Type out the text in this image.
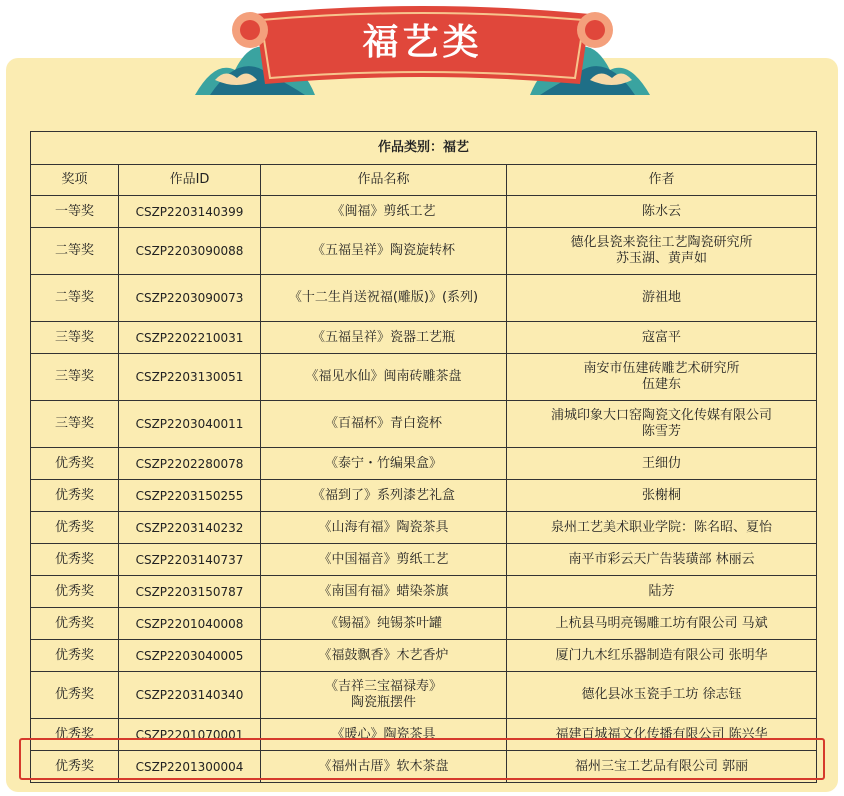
福艺类
作品类别：福艺			
奖项	作品ID	作品名称	作者
一等奖	CSZP2203140399	《闽福》剪纸工艺	陈水云
二等奖	CSZP2203090088	《五福呈祥》陶瓷旋转杯	德化县瓷来瓷往工艺陶瓷研究所
苏玉湖、黄声如
二等奖	CSZP2203090073	《十二生肖送祝福(雕版)》(系列)	游祖地
三等奖	CSZP2202210031	《五福呈祥》瓷器工艺瓶	寇富平
三等奖	CSZP2203130051	《福见水仙》闽南砖雕茶盘	南安市伍建砖雕艺术研究所
伍建东
三等奖	CSZP2203040011	《百福杯》青白瓷杯	浦城印象大口窑陶瓷文化传媒有限公司
陈雪芳
优秀奖	CSZP2202280078	《泰宁・竹编果盒》	王细仂
优秀奖	CSZP2203150255	《福到了》系列漆艺礼盒	张榭桐
优秀奖	CSZP2203140232	《山海有福》陶瓷茶具	泉州工艺美术职业学院：陈名昭、夏怡
优秀奖	CSZP2203140737	《中国福音》剪纸工艺	南平市彩云天广告装璜部 林丽云
优秀奖	CSZP2203150787	《南国有福》蜡染茶旗	陆芳
优秀奖	CSZP2201040008	《锡福》纯锡茶叶罐	上杭县马明亮锡雕工坊有限公司 马斌
优秀奖	CSZP2203040005	《福鼓飘香》木艺香炉	厦门九木红乐器制造有限公司 张明华
优秀奖	CSZP2203140340	《吉祥三宝福禄寿》
陶瓷瓶摆件	德化县冰玉瓷手工坊 徐志钰
优秀奖	CSZP2201070001	《暖心》陶瓷茶具	福建百城福文化传播有限公司 陈兴华
优秀奖	CSZP2201300004	《福州古厝》软木茶盘	福州三宝工艺品有限公司 郭丽
